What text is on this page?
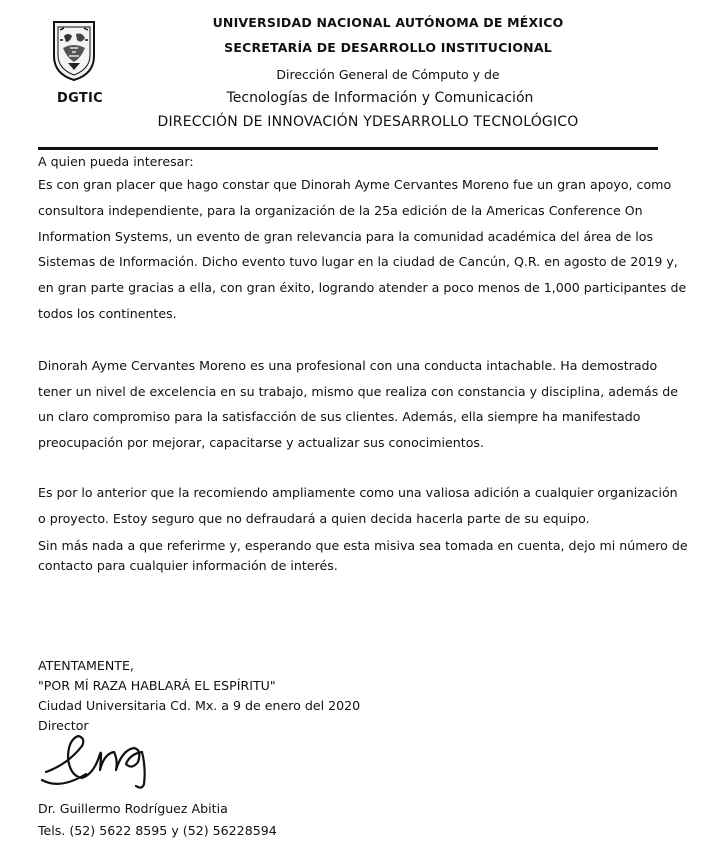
DGTIC
UNIVERSIDAD NACIONAL AUTÓNOMA DE MÉXICO
SECRETARÍA DE DESARROLLO INSTITUCIONAL
Dirección General de Cómputo y de
Tecnologías de Información y Comunicación
DIRECCIÓN DE INNOVACIÓN YDESARROLLO TECNOLÓGICO
A quien pueda interesar:

Es con gran placer que hago constar que Dinorah Ayme Cervantes Moreno fue un gran apoyo, como consultora independiente, para la organización de la 25a edición de la Americas Conference On Information Systems, un evento de gran relevancia para la comunidad académica del área de los Sistemas de Información. Dicho evento tuvo lugar en la ciudad de Cancún, Q.R. en agosto de 2019 y, en gran parte gracias a ella, con gran éxito, logrando atender a poco menos de 1,000 participantes de todos los continentes.

Dinorah Ayme Cervantes Moreno es una profesional con una conducta intachable. Ha demostrado tener un nivel de excelencia en su trabajo, mismo que realiza con constancia y disciplina, además de un claro compromiso para la satisfacción de sus clientes. Además, ella siempre ha manifestado preocupación por mejorar, capacitarse y actualizar sus conocimientos.

Es por lo anterior que la recomiendo ampliamente como una valiosa adición a cualquier organización o proyecto. Estoy seguro que no defraudará a quien decida hacerla parte de su equipo.

Sin más nada a que referirme y, esperando que esta misiva sea tomada en cuenta, dejo mi número de contacto para cualquier información de interés.

ATENTAMENTE,
"POR MÍ RAZA HABLARÁ EL ESPÍRITU"
Ciudad Universitaria Cd. Mx. a 9 de enero del 2020
Director
Dr. Guillermo Rodríguez Abitia
Tels. (52) 5622 8595 y (52) 56228594
